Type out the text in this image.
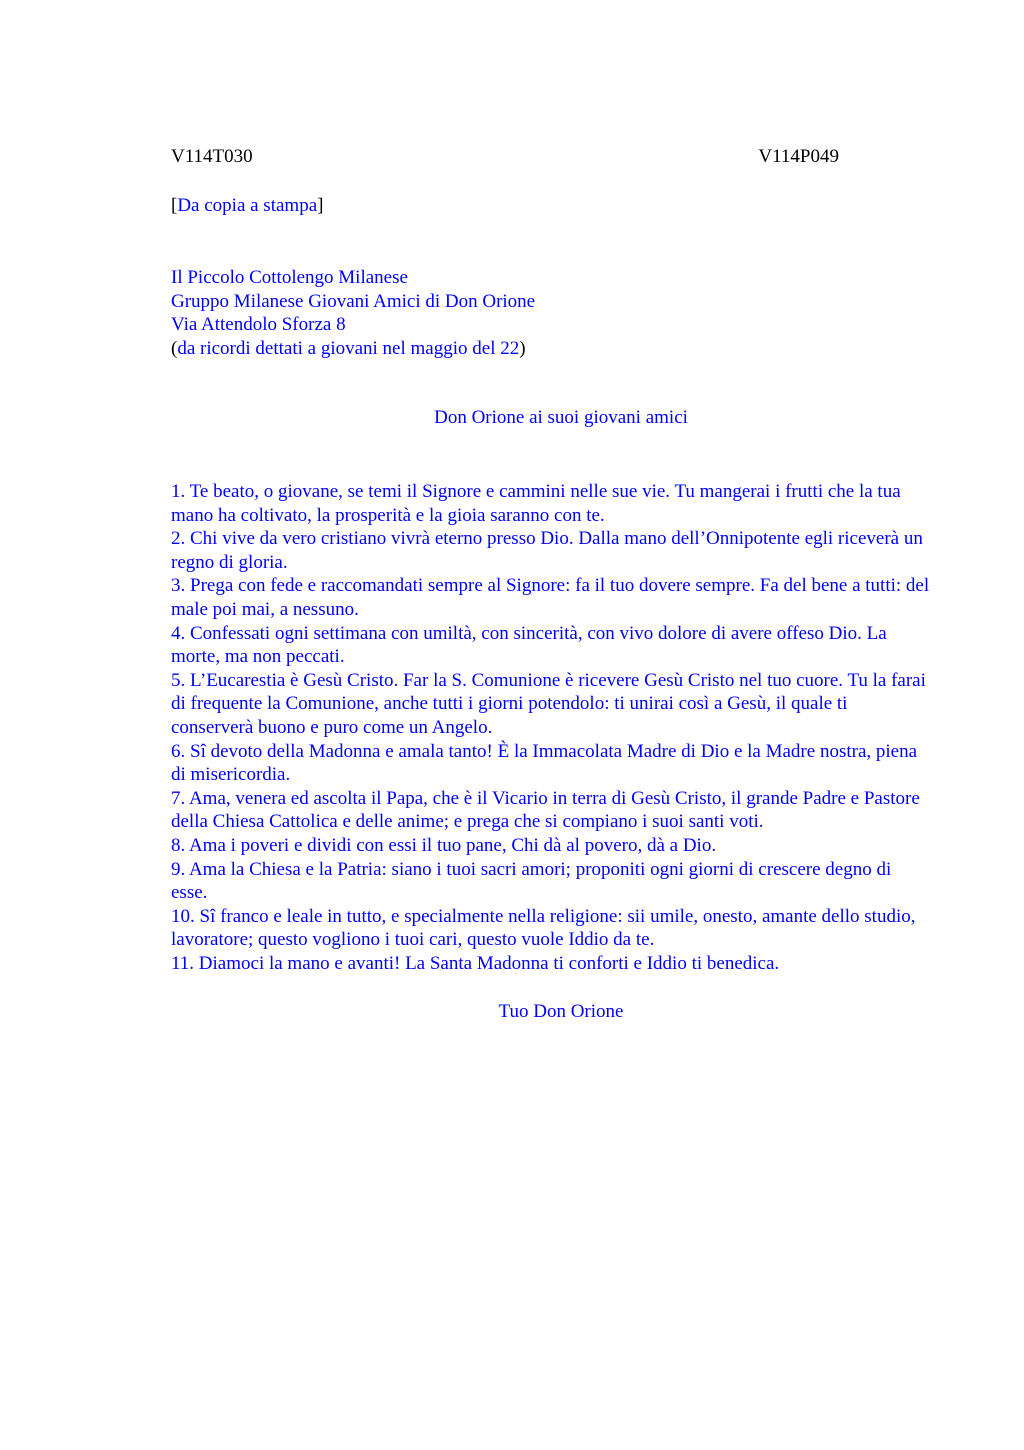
V114T030	V114P049
[Da copia a stampa]
Il Piccolo Cottolengo Milanese
Gruppo Milanese Giovani Amici di Don Orione
Via Attendolo Sforza 8
(da ricordi dettati a giovani nel maggio del 22)
Don Orione ai suoi giovani amici

1. Te beato, o giovane, se temi il Signore e cammini nelle sue vie. Tu mangerai i frutti che la tua mano ha coltivato, la prosperità e la gioia saranno con te.

2. Chi vive da vero cristiano vivrà eterno presso Dio. Dalla mano dell’Onnipotente egli riceverà un regno di gloria.

3. Prega con fede e raccomandati sempre al Signore: fa il tuo dovere sempre. Fa del bene a tutti: del male poi mai, a nessuno.

4. Confessati ogni settimana con umiltà, con sincerità, con vivo dolore di avere offeso Dio. La morte, ma non peccati.

5. L’Eucarestia è Gesù Cristo. Far la S. Comunione è ricevere Gesù Cristo nel tuo cuore. Tu la farai di frequente la Comunione, anche tutti i giorni potendolo: ti unirai così a Gesù, il quale ti conserverà buono e puro come un Angelo.

6. Sî devoto della Madonna e amala tanto! È la Immacolata Madre di Dio e la Madre nostra, piena di misericordia.

7. Ama, venera ed ascolta il Papa, che è il Vicario in terra di Gesù Cristo, il grande Padre e Pastore della Chiesa Cattolica e delle anime; e prega che si compiano i suoi santi voti.

8. Ama i poveri e dividi con essi il tuo pane, Chi dà al povero, dà a Dio.

9. Ama la Chiesa e la Patria: siano i tuoi sacri amori; proponiti ogni giorni di crescere degno di esse.

10. Sî franco e leale in tutto, e specialmente nella religione: sii umile, onesto, amante dello studio, lavoratore; questo vogliono i tuoi cari, questo vuole Iddio da te.

11. Diamoci la mano e avanti! La Santa Madonna ti conforti e Iddio ti benedica.

Tuo Don Orione
